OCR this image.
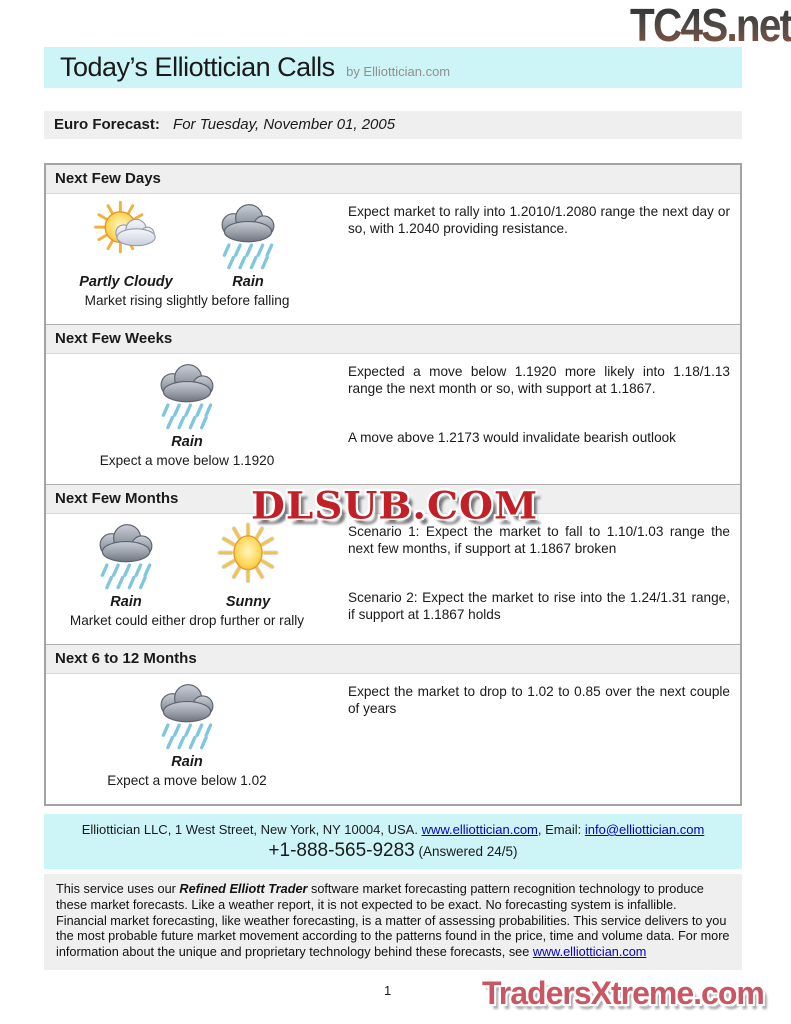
TC4S.net
DLSUB.COM
TradersXtreme.com
1
Today’s Elliottician Calls by Elliottician.com
Euro Forecast: For Tuesday, November 01, 2005
Next Few Days
Partly Cloudy	Rain
Market rising slightly before falling

Expect market to rally into 1.2010/1.2080 range the next day or so, with 1.2040 providing resistance.

Next Few Weeks
Rain
Expect a move below 1.1920

Expected a move below 1.1920 more likely into 1.18/1.13 range the next month or so, with support at 1.1867.

A move above 1.2173 would invalidate bearish outlook

Next Few Months
Rain	Sunny
Market could either drop further or rally

Scenario 1: Expect the market to fall to 1.10/1.03 range the next few months, if support at 1.1867 broken

Scenario 2: Expect the market to rise into the 1.24/1.31 range, if support at 1.1867 holds

Next 6 to 12 Months
Rain
Expect a move below 1.02

Expect the market to drop to 1.02 to 0.85 over the next couple of years

Elliottician LLC, 1 West Street, New York, NY 10004, USA. www.elliottician.com, Email: info@elliottician.com
+1-888-565-9283 (Answered 24/5)
This service uses our Refined Elliott Trader software market forecasting pattern recognition technology to produce these market forecasts. Like a weather report, it is not expected to be exact. No forecasting system is infallible. Financial market forecasting, like weather forecasting, is a matter of assessing probabilities. This service delivers to you the most probable future market movement according to the patterns found in the price, time and volume data. For more information about the unique and proprietary technology behind these forecasts, see www.elliottician.com
